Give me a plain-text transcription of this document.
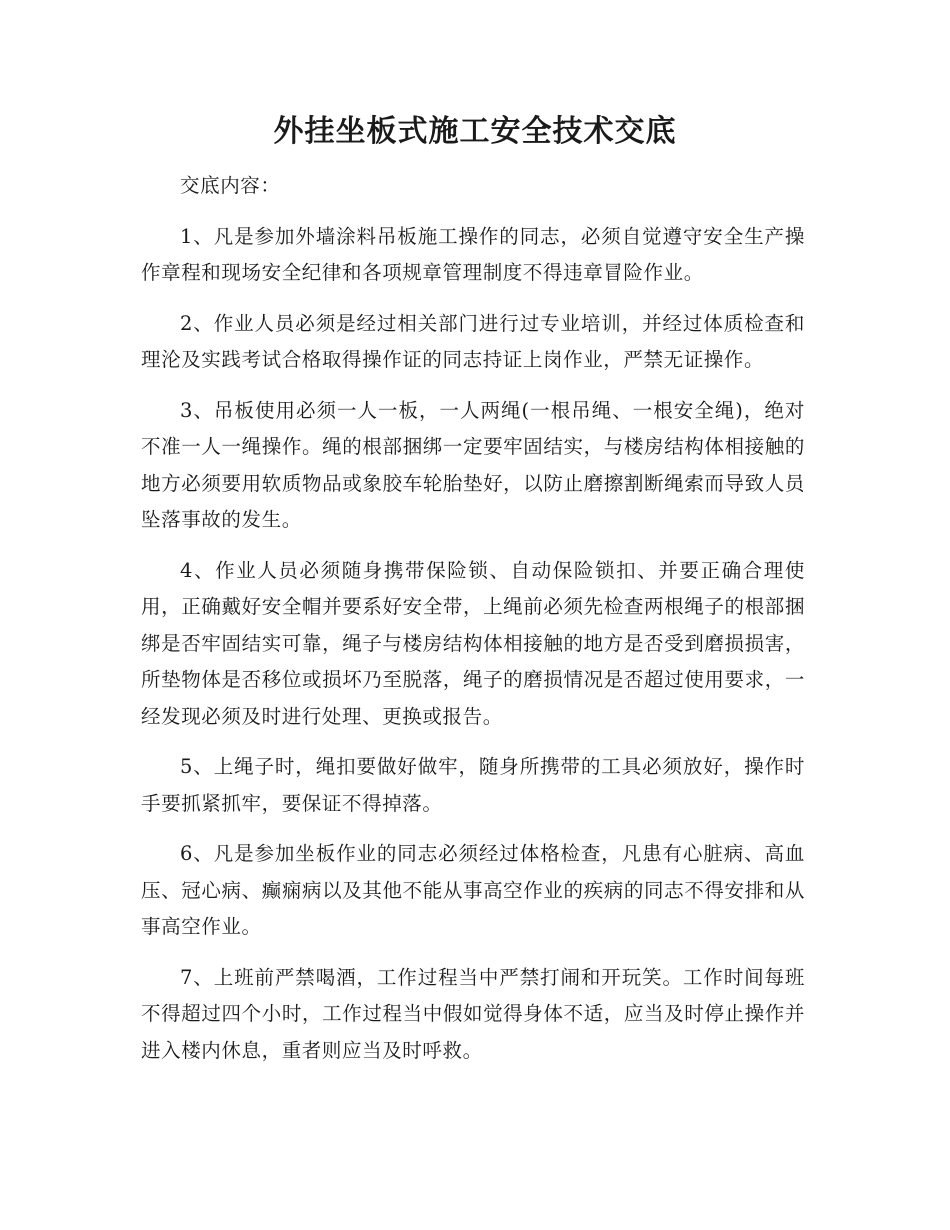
外挂坐板式施工安全技术交底

交底内容：

1、凡是参加外墙涂料吊板施工操作的同志，必须自觉遵守安全生产操作章程和现场安全纪律和各项规章管理制度不得违章冒险作业。

2、作业人员必须是经过相关部门进行过专业培训，并经过体质检查和理沦及实践考试合格取得操作证的同志持证上岗作业，严禁无证操作。

3、吊板使用必须一人一板，一人两绳(一根吊绳、一根安全绳)，绝对不准一人一绳操作。绳的根部捆绑一定要牢固结实，与楼房结构体相接触的地方必须要用软质物品或象胶车轮胎垫好，以防止磨擦割断绳索而导致人员坠落事故的发生。

4、作业人员必须随身携带保险锁、自动保险锁扣、并要正确合理使用，正确戴好安全帽并要系好安全带，上绳前必须先检查两根绳子的根部捆绑是否牢固结实可靠，绳子与楼房结构体相接触的地方是否受到磨损损害，所垫物体是否移位或损坏乃至脱落，绳子的磨损情况是否超过使用要求，一经发现必须及时进行处理、更换或报告。

5、上绳子时，绳扣要做好做牢，随身所携带的工具必须放好，操作时手要抓紧抓牢，要保证不得掉落。

6、凡是参加坐板作业的同志必须经过体格检查，凡患有心脏病、高血压、冠心病、癫痫病以及其他不能从事高空作业的疾病的同志不得安排和从事高空作业。

7、上班前严禁喝酒，工作过程当中严禁打闹和开玩笑。工作时间每班不得超过四个小时，工作过程当中假如觉得身体不适，应当及时停止操作并进入楼内休息，重者则应当及时呼救。
